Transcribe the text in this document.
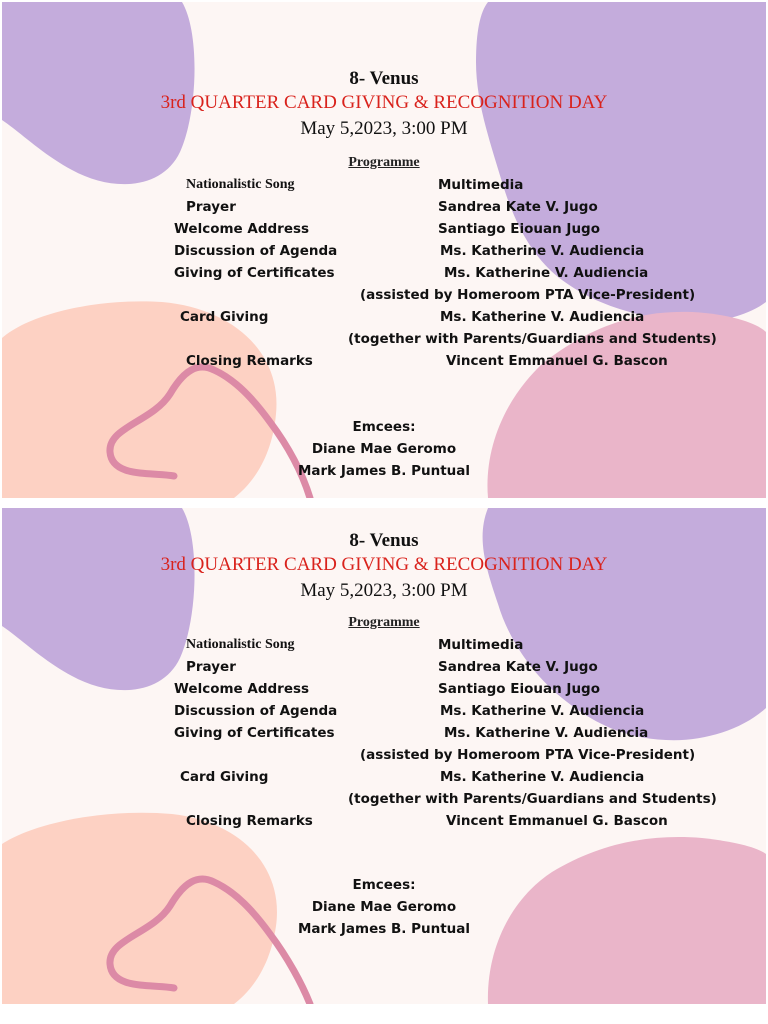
8- Venus
3rd QUARTER CARD GIVING & RECOGNITION DAY
May 5,2023, 3:00 PM
Programme
Nationalistic Song	Multimedia
Prayer	Sandrea Kate V. Jugo
Welcome Address	Santiago Eiouan Jugo
Discussion of Agenda	Ms. Katherine V. Audiencia
Giving of Certificates	Ms. Katherine V. Audiencia
(assisted by Homeroom PTA Vice-President)
Card Giving	Ms. Katherine V. Audiencia
(together with Parents/Guardians and Students)
Closing Remarks	Vincent Emmanuel G. Bascon
Emcees:
Diane Mae Geromo
Mark James B. Puntual
8- Venus
3rd QUARTER CARD GIVING & RECOGNITION DAY
May 5,2023, 3:00 PM
Programme
Nationalistic Song	Multimedia
Prayer	Sandrea Kate V. Jugo
Welcome Address	Santiago Eiouan Jugo
Discussion of Agenda	Ms. Katherine V. Audiencia
Giving of Certificates	Ms. Katherine V. Audiencia
(assisted by Homeroom PTA Vice-President)
Card Giving	Ms. Katherine V. Audiencia
(together with Parents/Guardians and Students)
Closing Remarks	Vincent Emmanuel G. Bascon
Emcees:
Diane Mae Geromo
Mark James B. Puntual
